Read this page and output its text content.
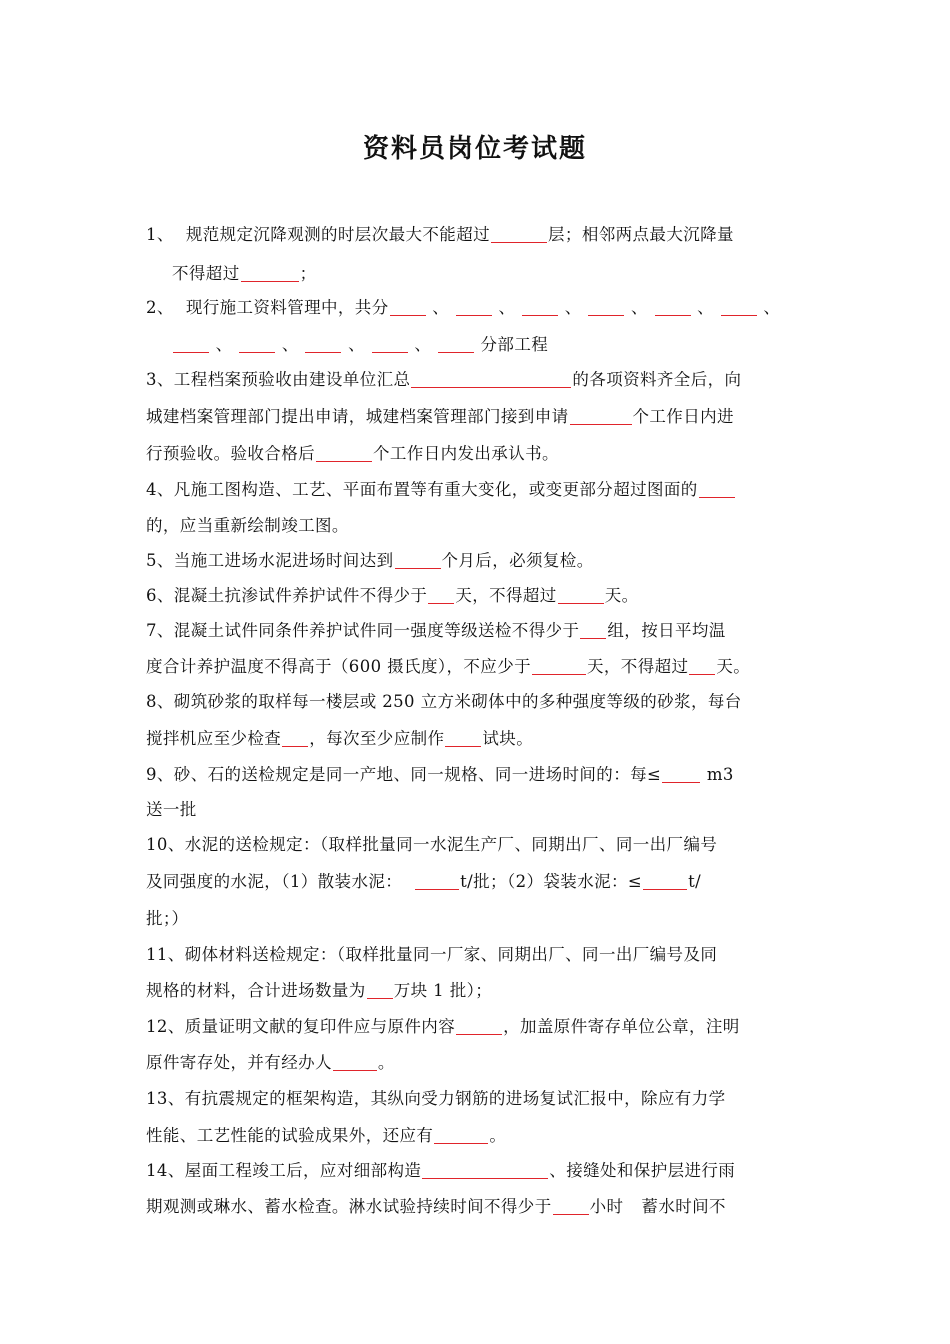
资料员岗位考试题
1、 规范规定沉降观测的时层次最大不能超过	层；相邻两点最大沉降量
不得超过	；
2、 现行施工资料管理中，共分	、	、	、	、	、	、
、	、	、	、	分部工程
3、工程档案预验收由建设单位汇总	的各项资料齐全后，向
城建档案管理部门提出申请，城建档案管理部门接到申请	个工作日内进
行预验收。验收合格后	个工作日内发出承认书。
4、凡施工图构造、工艺、平面布置等有重大变化，或变更部分超过图面的
的，应当重新绘制竣工图。
5、当施工进场水泥进场时间达到	个月后，必须复检。
6、混凝土抗渗试件养护试件不得少于 天，不得超过	天。
7、混凝土试件同条件养护试件同一强度等级送检不得少于 组，按日平均温
度合计养护温度不得高于（600 摄氏度），不应少于	天，不得超过 天。
8、砌筑砂浆的取样每一楼层或 250 立方米砌体中的多种强度等级的砂浆，每台
搅拌机应至少检查 ，每次至少应制作 试块。
9、砂、石的送检规定是同一产地、同一规格、同一进场时间的：每≤	m3
送一批
10、水泥的送检规定：（取样批量同一水泥生产厂、同期出厂、同一出厂编号
及同强度的水泥，（1）散装水泥：	t/批；（2）袋装水泥：≤	t/
批；）
11、砌体材料送检规定：（取样批量同一厂家、同期出厂、同一出厂编号及同
规格的材料，合计进场数量为 万块 1 批）；
12、质量证明文献的复印件应与原件内容	，加盖原件寄存单位公章，注明
原件寄存处，并有经办人	。
13、有抗震规定的框架构造，其纵向受力钢筋的进场复试汇报中，除应有力学
性能、工艺性能的试验成果外，还应有	。
14、屋面工程竣工后，应对细部构造	、接缝处和保护层进行雨
期观测或琳水、蓄水检查。淋水试验持续时间不得少于 小时 蓄水时间不
